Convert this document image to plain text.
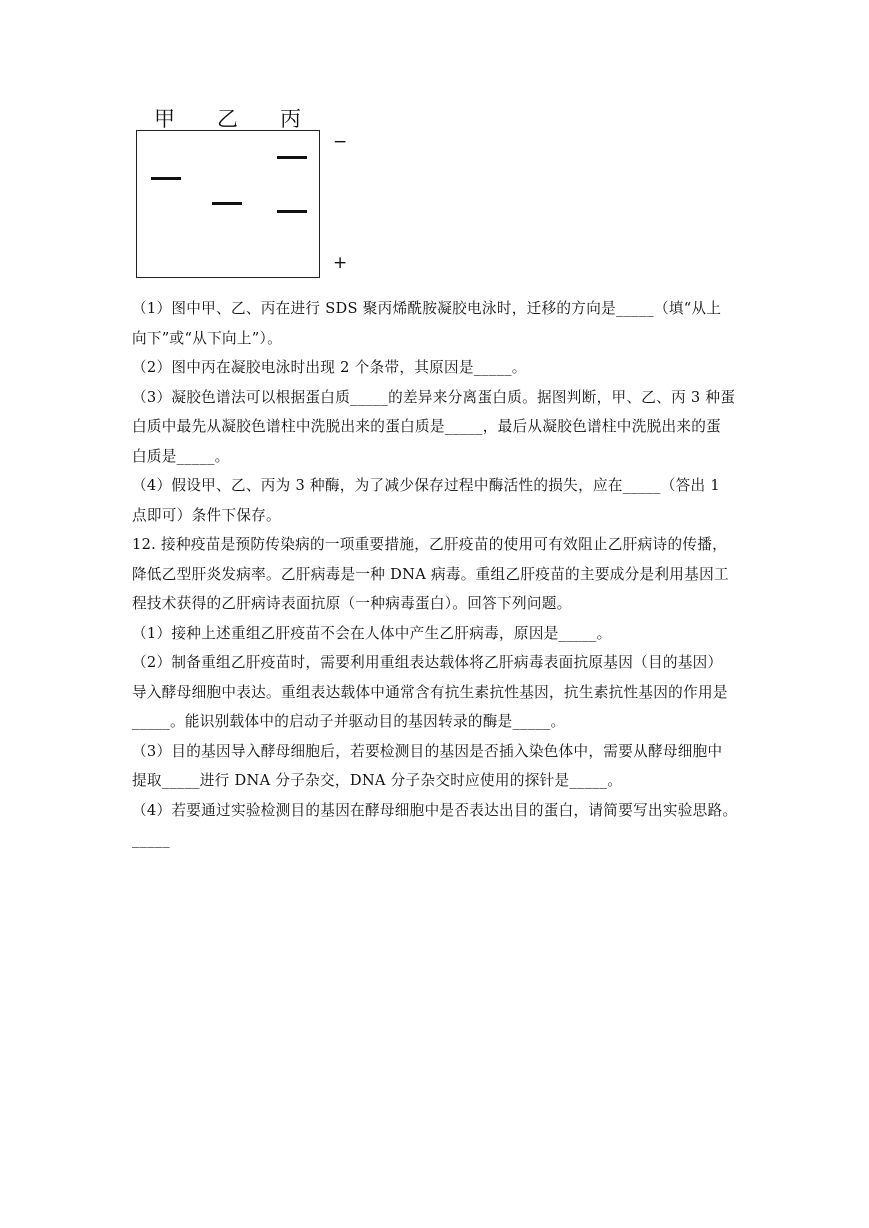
甲 乙 丙
−
+

（1）图中甲、乙、丙在进行 SDS 聚丙烯酰胺凝胶电泳时，迁移的方向是_____（填“从上

向下”或“从下向上”）。

（2）图中丙在凝胶电泳时出现 2 个条带，其原因是_____。

（3）凝胶色谱法可以根据蛋白质_____的差异来分离蛋白质。据图判断，甲、乙、丙 3 种蛋

白质中最先从凝胶色谱柱中洗脱出来的蛋白质是_____，最后从凝胶色谱柱中洗脱出来的蛋

白质是_____。

（4）假设甲、乙、丙为 3 种酶，为了减少保存过程中酶活性的损失，应在_____（答出 1

点即可）条件下保存。

12. 接种疫苗是预防传染病的一项重要措施，乙肝疫苗的使用可有效阻止乙肝病诗的传播，

降低乙型肝炎发病率。乙肝病毒是一种 DNA 病毒。重组乙肝疫苗的主要成分是利用基因工

程技术获得的乙肝病诗表面抗原（一种病毒蛋白）。回答下列问题。

（1）接种上述重组乙肝疫苗不会在人体中产生乙肝病毒，原因是_____。

（2）制备重组乙肝疫苗时，需要利用重组表达载体将乙肝病毒表面抗原基因（目的基因）

导入酵母细胞中表达。重组表达载体中通常含有抗生素抗性基因，抗生素抗性基因的作用是

_____。能识别载体中的启动子并驱动目的基因转录的酶是_____。

（3）目的基因导入酵母细胞后，若要检测目的基因是否插入染色体中，需要从酵母细胞中

提取_____进行 DNA 分子杂交，DNA 分子杂交时应使用的探针是_____。

（4）若要通过实验检测目的基因在酵母细胞中是否表达出目的蛋白，请简要写出实验思路。

_____
